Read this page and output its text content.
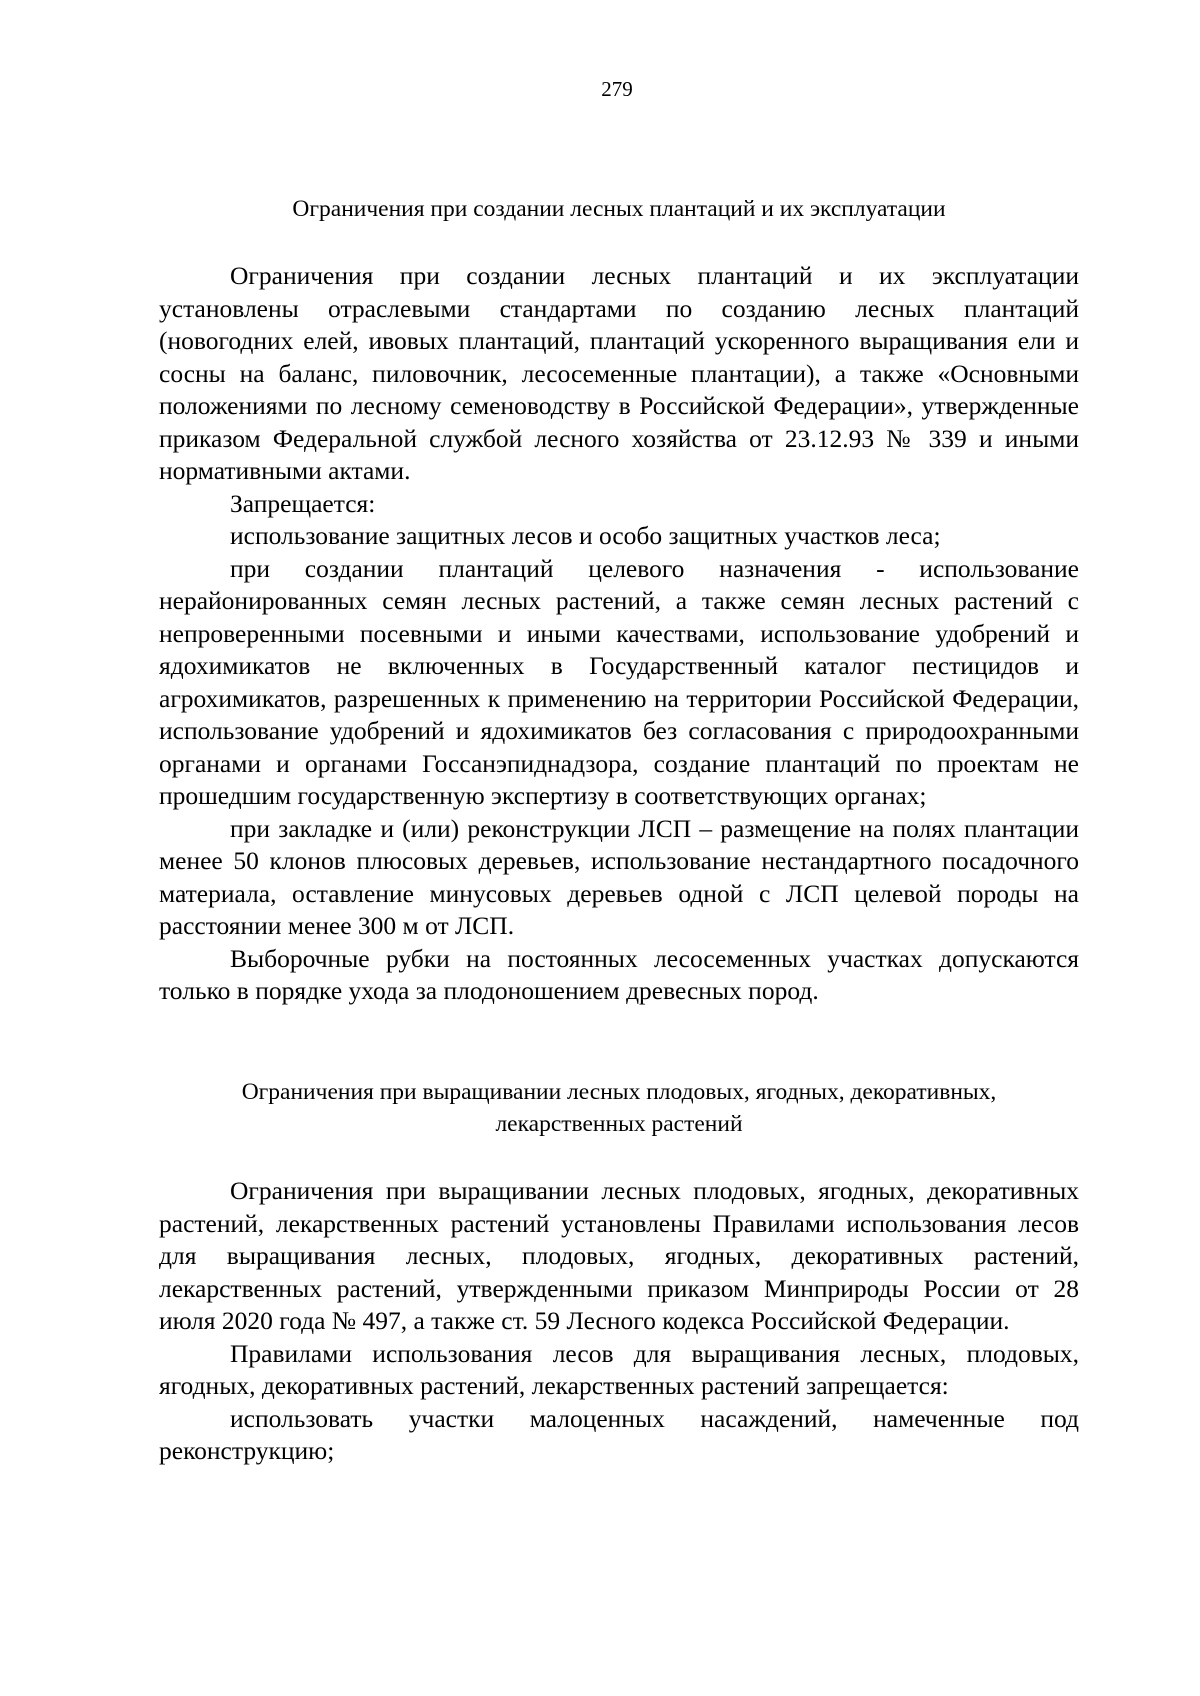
279
Ограничения при создании лесных плантаций и их эксплуатации

Ограничения при создании лесных плантаций и их эксплуатации установлены отраслевыми стандартами по созданию лесных плантаций (новогодних елей, ивовых плантаций, плантаций ускоренного выращивания ели и сосны на баланс, пиловочник, лесосеменные плантации), а также «Основными положениями по лесному семеноводству в Российской Федерации», утвержденные приказом Федеральной службой лесного хозяйства от 23.12.93 № 339 и иными нормативными актами.

Запрещается:

использование защитных лесов и особо защитных участков леса;

при создании плантаций целевого назначения - использование нерайонированных семян лесных растений, а также семян лесных растений с непроверенными посевными и иными качествами, использование удобрений и ядохимикатов не включенных в Государственный каталог пестицидов и агрохимикатов, разрешенных к применению на территории Российской Федерации, использование удобрений и ядохимикатов без согласования с природоохранными органами и органами Госсанэпиднадзора, создание плантаций по проектам не прошедшим государственную экспертизу в соответствующих органах;

при закладке и (или) реконструкции ЛСП – размещение на полях плантации менее 50 клонов плюсовых деревьев, использование нестандартного посадочного материала, оставление минусовых деревьев одной с ЛСП целевой породы на расстоянии менее 300 м от ЛСП.

Выборочные рубки на постоянных лесосеменных участках допускаются только в порядке ухода за плодоношением древесных пород.

Ограничения при выращивании лесных плодовых, ягодных, декоративных,
лекарственных растений

Ограничения при выращивании лесных плодовых, ягодных, декоративных растений, лекарственных растений установлены Правилами использования лесов для выращивания лесных, плодовых, ягодных, декоративных растений, лекарственных растений, утвержденными приказом Минприроды России от 28 июля 2020 года № 497, а также ст. 59 Лесного кодекса Российской Федерации.

Правилами использования лесов для выращивания лесных, плодовых, ягодных, декоративных растений, лекарственных растений запрещается:

использовать участки малоценных насаждений, намеченные под реконструкцию;
